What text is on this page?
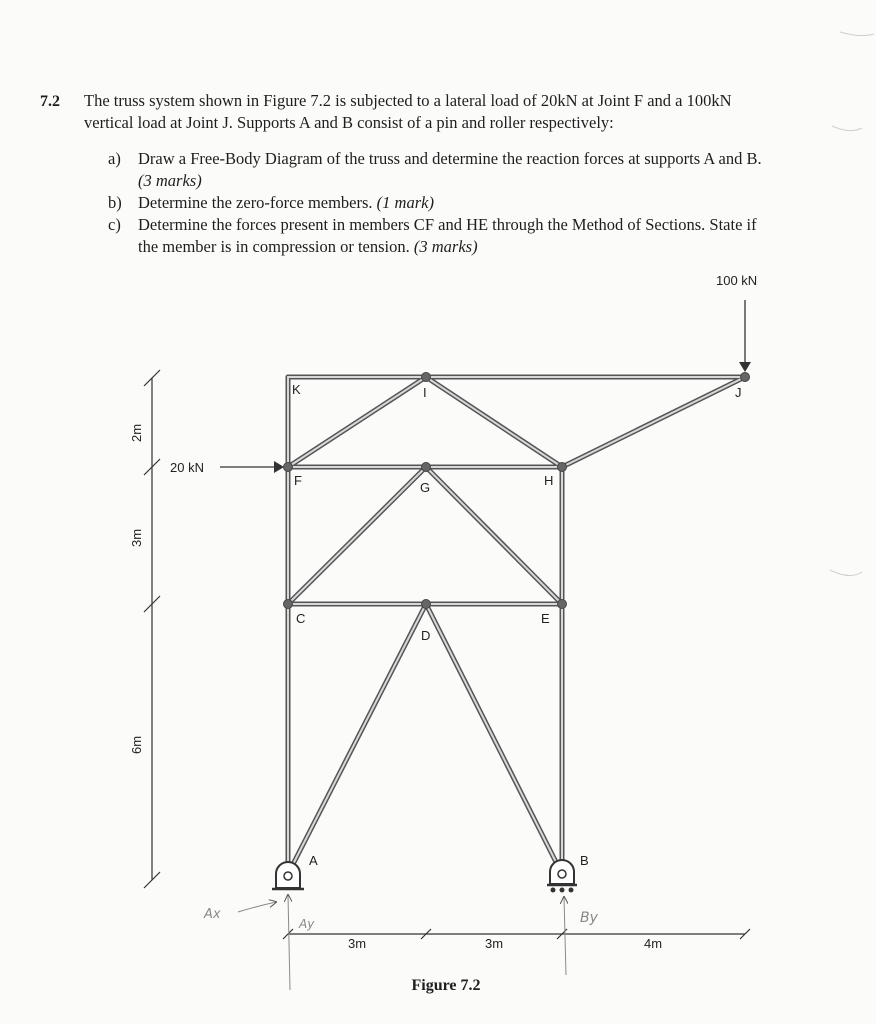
7.2 The truss system shown in Figure 7.2 is subjected to a lateral load of 20kN at Joint F and a 100kN vertical load at Joint J. Supports A and B consist of a pin and roller respectively:
a)	Draw a Free-Body Diagram of the truss and determine the reaction forces at supports A and B. (3 marks)
b) Determine the zero-force members. (1 mark)
c)	Determine the forces present in members CF and HE through the Method of Sections. State if the member is in compression or tension. (3 marks)
K	I	J
F	G	H
C
D
E
A	B
100 kN
20 kN
2m
3m
6m
3m	3m	4m
Ax
Ay	By
Figure 7.2
